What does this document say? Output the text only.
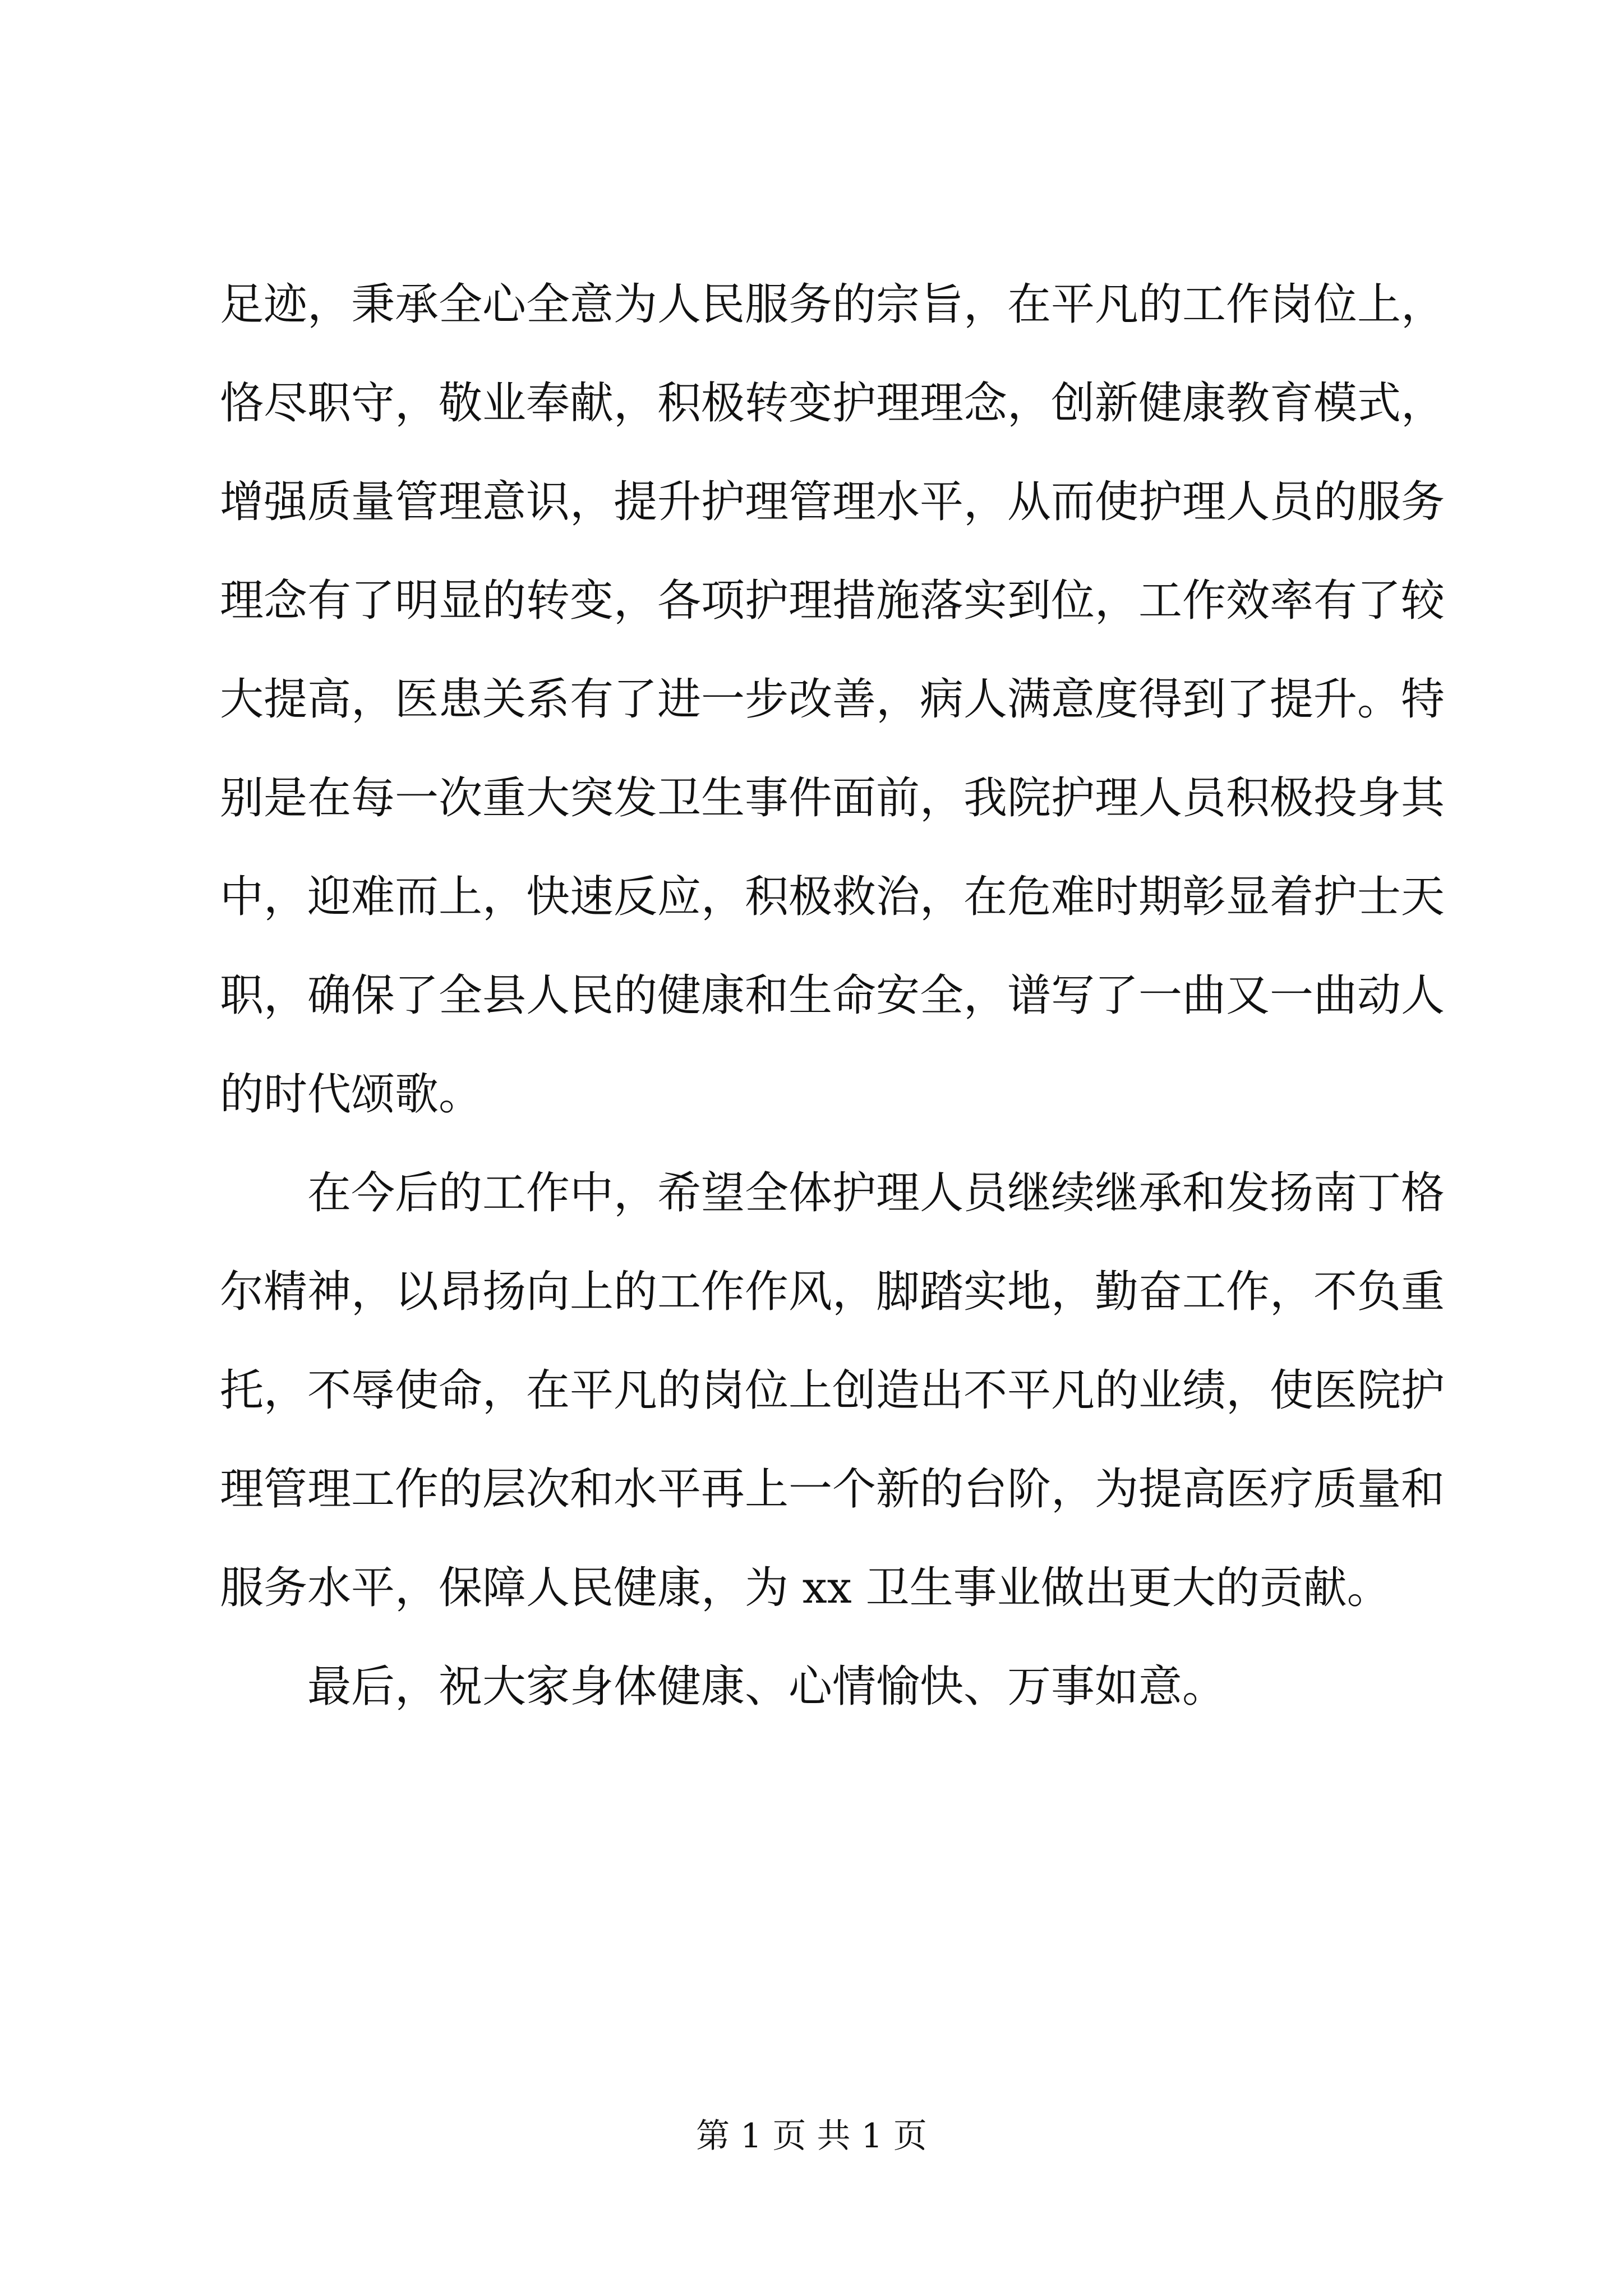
足迹，秉承全心全意为人民服务的宗旨，在平凡的工作岗位上，
恪尽职守，敬业奉献，积极转变护理理念，创新健康教育模式，
增强质量管理意识，提升护理管理水平，从而使护理人员的服务
理念有了明显的转变，各项护理措施落实到位，工作效率有了较
大提高，医患关系有了进一步改善，病人满意度得到了提升。特
别是在每一次重大突发卫生事件面前，我院护理人员积极投身其
中，迎难而上，快速反应，积极救治，在危难时期彰显着护士天
职，确保了全县人民的健康和生命安全，谱写了一曲又一曲动人
的时代颂歌。
在今后的工作中，希望全体护理人员继续继承和发扬南丁格
尔精神，以昂扬向上的工作作风，脚踏实地，勤奋工作，不负重
托，不辱使命，在平凡的岗位上创造出不平凡的业绩，使医院护
理管理工作的层次和水平再上一个新的台阶，为提高医疗质量和
服务水平，保障人民健康，为 xx 卫生事业做出更大的贡献。
最后，祝大家身体健康、心情愉快、万事如意。
第 1 页 共 1 页
